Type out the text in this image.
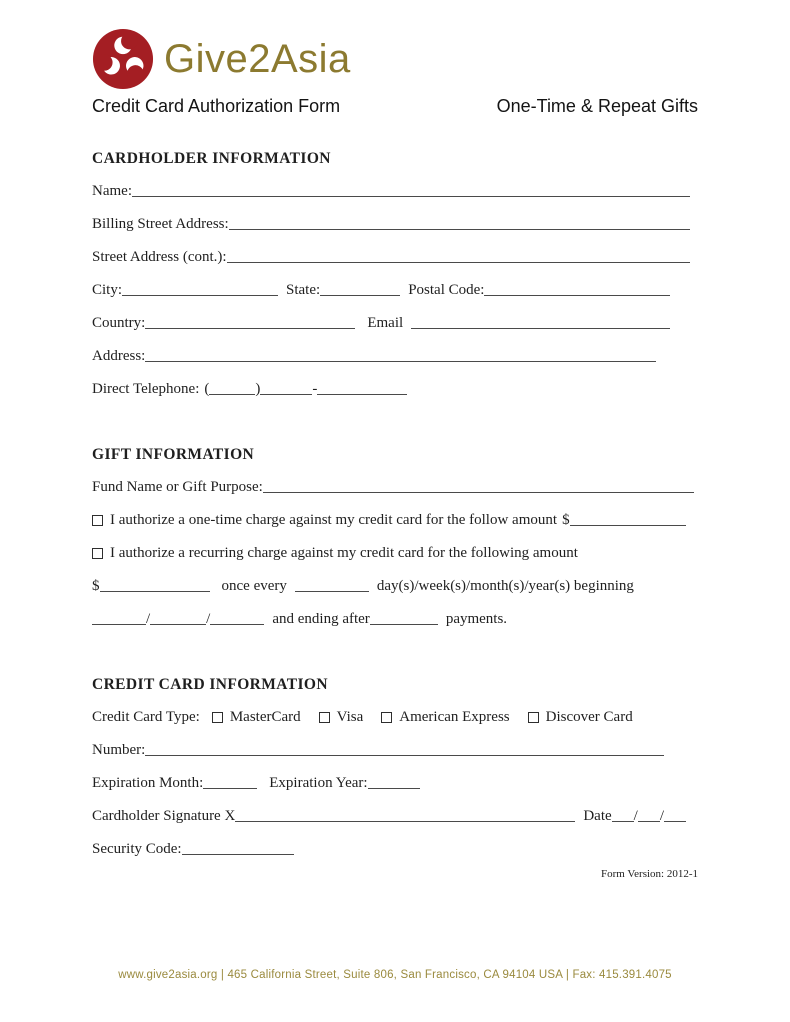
Give2Asia
Credit Card Authorization Form	One-Time & Repeat Gifts
CARDHOLDER INFORMATION
Name:
Billing Street Address:
Street Address (cont.):
City:	State:	Postal Code:
Country:	Email
Address:
Direct Telephone: (	)	-
GIFT INFORMATION
Fund Name or Gift Purpose:
I authorize a one-time charge against my credit card for the follow amount $
I authorize a recurring charge against my credit card for the following amount
$	once every	day(s)/week(s)/month(s)/year(s) beginning
/	/	and ending after	payments.
CREDIT CARD INFORMATION
Credit Card Type: MasterCard Visa American Express Discover Card
Number:
Expiration Month:	Expiration Year:
Cardholder Signature X	Date / /
Security Code:
Form Version: 2012-1
www.give2asia.org | 465 California Street, Suite 806, San Francisco, CA 94104 USA | Fax: 415.391.4075
